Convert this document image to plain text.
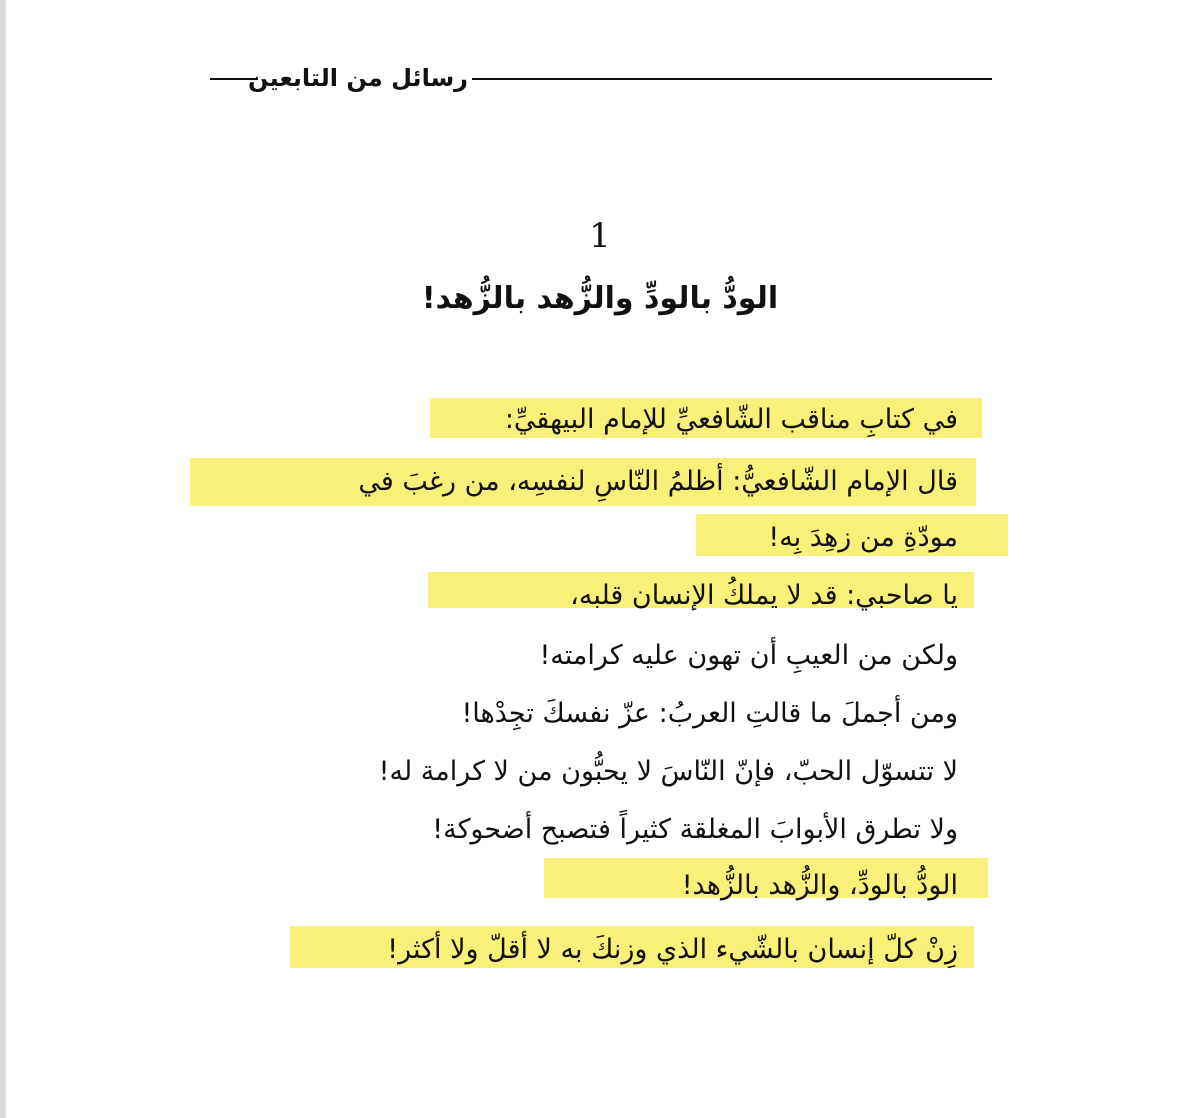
رسائل من التابعين
1
الودُّ بالودِّ والزُّهد بالزُّهد!
في كتابِ مناقب الشّافعيِّ للإمام البيهقيِّ:
قال الإمام الشّافعيُّ: أظلمُ النّاسِ لنفسِه، من رغبَ في
مودّةِ من زهِدَ بِه!
يا صاحبي: قد لا يملكُ الإنسان قلبه،
ولكن من العيبِ أن تهون عليه كرامته!
ومن أجملَ ما قالتِ العربُ: عزّ نفسكَ تجِدْها!
لا تتسوّل الحبّ، فإنّ النّاسَ لا يحبُّون من لا كرامة له!
ولا تطرق الأبوابَ المغلقة كثيراً فتصبح أضحوكة!
الودُّ بالودِّ، والزُّهد بالزُّهد!
زِنْ كلّ إنسان بالشّيء الذي وزنكَ به لا أقلّ ولا أكثر!
